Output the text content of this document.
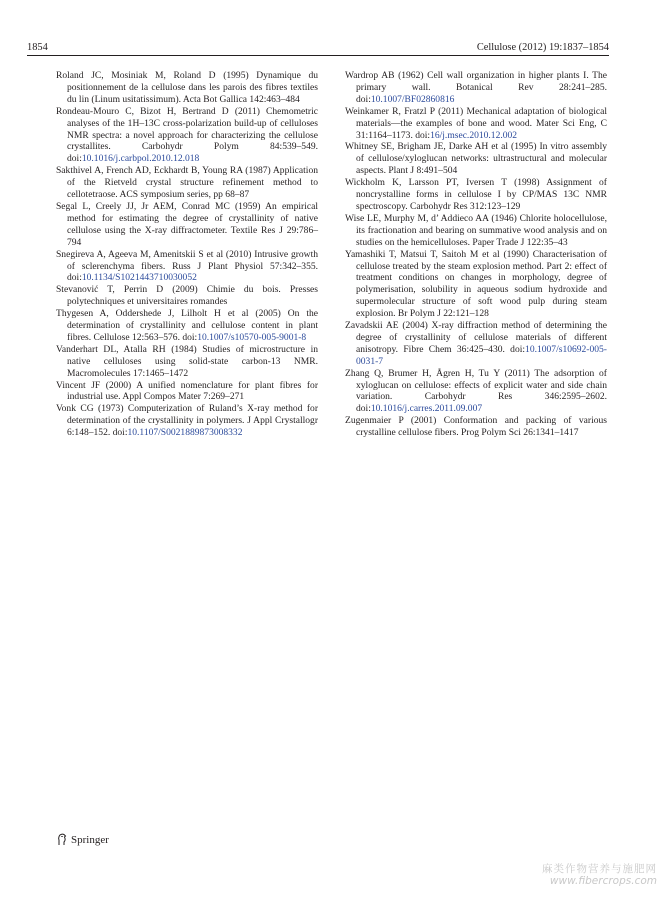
1854	Cellulose (2012) 19:1837–1854

Roland JC, Mosiniak M, Roland D (1995) Dynamique du positionnement de la cellulose dans les parois des fibres textiles du lin (Linum usitatissimum). Acta Bot Gallica 142:463–484

Rondeau-Mouro C, Bizot H, Bertrand D (2011) Chemometric analyses of the 1H–13C cross-polarization build-up of celluloses NMR spectra: a novel approach for characterizing the cellulose crystallites. Carbohydr Polym 84:539–549. doi:10.1016/j.carbpol.2010.12.018

Sakthivel A, French AD, Eckhardt B, Young RA (1987) Application of the Rietveld crystal structure refinement method to cellotetraose. ACS symposium series, pp 68–87

Segal L, Creely JJ, Jr AEM, Conrad MC (1959) An empirical method for estimating the degree of crystallinity of native cellulose using the X-ray diffractometer. Textile Res J 29:786–794

Snegireva A, Ageeva M, Amenitskii S et al (2010) Intrusive growth of sclerenchyma fibers. Russ J Plant Physiol 57:342–355. doi:10.1134/S1021443710030052

Stevanović T, Perrin D (2009) Chimie du bois. Presses polytechniques et universitaires romandes

Thygesen A, Oddershede J, Lilholt H et al (2005) On the determination of crystallinity and cellulose content in plant fibres. Cellulose 12:563–576. doi:10.1007/s10570-005-9001-8

Vanderhart DL, Atalla RH (1984) Studies of microstructure in native celluloses using solid-state carbon-13 NMR. Macromolecules 17:1465–1472

Vincent JF (2000) A unified nomenclature for plant fibres for industrial use. Appl Compos Mater 7:269–271

Vonk CG (1973) Computerization of Ruland’s X-ray method for determination of the crystallinity in polymers. J Appl Crystallogr 6:148–152. doi:10.1107/S0021889873008332

Wardrop AB (1962) Cell wall organization in higher plants I. The primary wall. Botanical Rev 28:241–285. doi:10.1007/BF02860816

Weinkamer R, Fratzl P (2011) Mechanical adaptation of biological materials—the examples of bone and wood. Mater Sci Eng, C 31:1164–1173. doi:16/j.msec.2010.12.002

Whitney SE, Brigham JE, Darke AH et al (1995) In vitro assembly of cellulose/xyloglucan networks: ultrastructural and molecular aspects. Plant J 8:491–504

Wickholm K, Larsson PT, Iversen T (1998) Assignment of noncrystalline forms in cellulose I by CP/MAS 13C NMR spectroscopy. Carbohydr Res 312:123–129

Wise LE, Murphy M, d’ Addieco AA (1946) Chlorite holocellulose, its fractionation and bearing on summative wood analysis and on studies on the hemicelluloses. Paper Trade J 122:35–43

Yamashiki T, Matsui T, Saitoh M et al (1990) Characterisation of cellulose treated by the steam explosion method. Part 2: effect of treatment conditions on changes in morphology, degree of polymerisation, solubility in aqueous sodium hydroxide and supermolecular structure of soft wood pulp during steam explosion. Br Polym J 22:121–128

Zavadskii AE (2004) X-ray diffraction method of determining the degree of crystallinity of cellulose materials of different anisotropy. Fibre Chem 36:425–430. doi:10.1007/s10692-005-0031-7

Zhang Q, Brumer H, Ågren H, Tu Y (2011) The adsorption of xyloglucan on cellulose: effects of explicit water and side chain variation. Carbohydr Res 346:2595–2602. doi:10.1016/j.carres.2011.09.007

Zugenmaier P (2001) Conformation and packing of various crystalline cellulose fibers. Prog Polym Sci 26:1341–1417

Springer
麻类作物营养与施肥网
www.fibercrops.com
